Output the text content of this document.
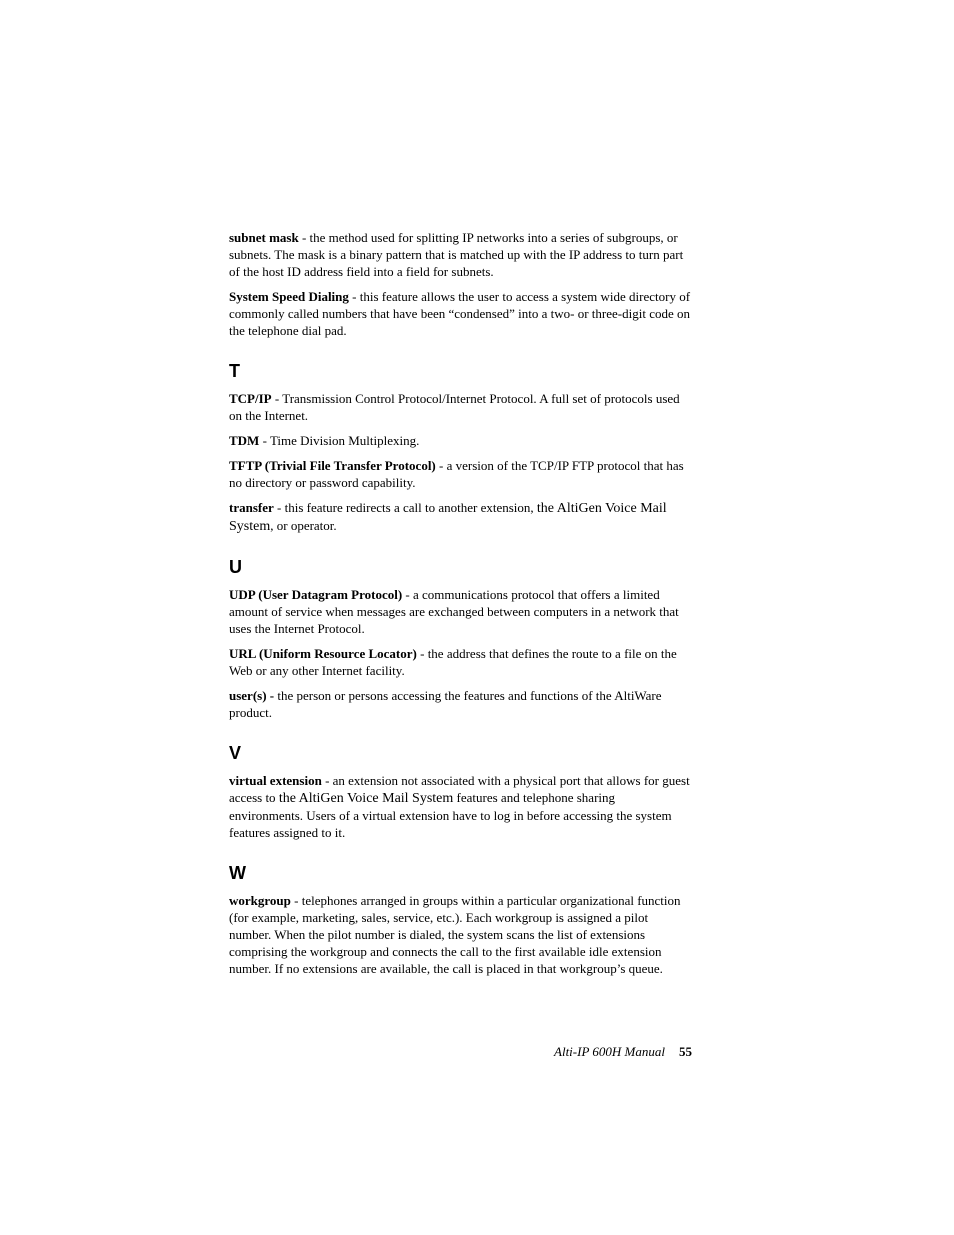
subnet mask - the method used for splitting IP networks into a series of subgroups, or subnets. The mask is a binary pattern that is matched up with the IP address to turn part of the host ID address field into a field for subnets.

System Speed Dialing - this feature allows the user to access a system wide directory of commonly called numbers that have been “condensed” into a two- or three-digit code on the telephone dial pad.

T

TCP/IP - Transmission Control Protocol/Internet Protocol. A full set of protocols used on the Internet.

TDM - Time Division Multiplexing.

TFTP (Trivial File Transfer Protocol) - a version of the TCP/IP FTP protocol that has no directory or password capability.

transfer - this feature redirects a call to another extension, the AltiGen Voice Mail System, or operator.

U

UDP (User Datagram Protocol) - a communications protocol that offers a limited amount of service when messages are exchanged between computers in a network that uses the Internet Protocol.

URL (Uniform Resource Locator) - the address that defines the route to a file on the Web or any other Internet facility.

user(s) - the person or persons accessing the features and functions of the AltiWare product.

V

virtual extension - an extension not associated with a physical port that allows for guest access to the AltiGen Voice Mail System features and telephone sharing environments. Users of a virtual extension have to log in before accessing the system features assigned to it.

W

workgroup - telephones arranged in groups within a particular organizational function (for example, marketing, sales, service, etc.). Each workgroup is assigned a pilot number. When the pilot number is dialed, the system scans the list of extensions comprising the workgroup and connects the call to the first available idle extension number. If no extensions are available, the call is placed in that workgroup’s queue.

Alti-IP 600H Manual 55
